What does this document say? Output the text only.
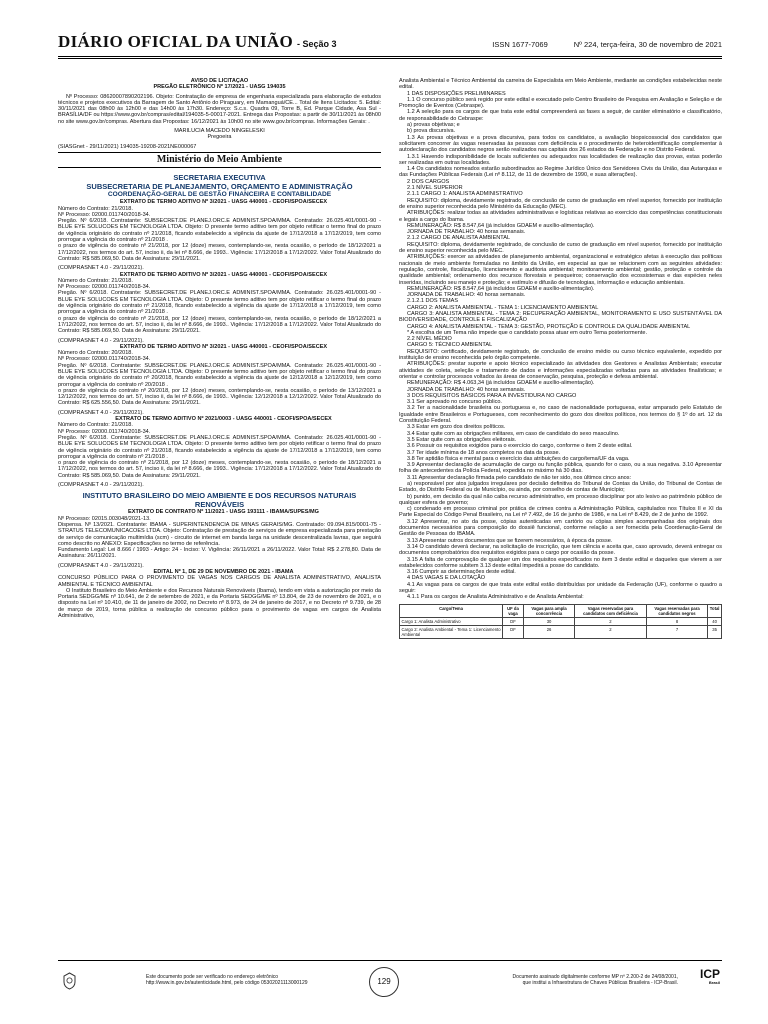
DIÁRIO OFICIAL DA UNIÃO - Seção 3	ISSN 1677-7069	Nº 224, terça-feira, 30 de novembro de 2021

AVISO DE LICITAÇÃO

PREGÃO ELETRÔNICO Nº 17/2021 - UASG 194035

Nº Processo: 08620007890202196. Objeto: Contratação de empresa de engenharia especializada para elaboração de estudos técnicos e projetos executivos da Barragem de Santo Antônio do Piraguary, em Mamanguá/CE... Total de Itens Licitados: 5. Edital: 30/11/2021 das 08h00 às 12h00 e das 14h00 às 17h30. Endereço: S.c.s. Quadra 09, Torre B, Ed. Parque Cidade, Asa Sul - BRASÍLIA/DF ou https://www.gov.br/compras/edital/194035-5-00017-2021. Entrega das Propostas: a partir de 30/11/2021 às 08h00 no site www.gov.br/compras. Abertura das Propostas: 16/12/2021 às 10h00 no site www.gov.br/compras. Informações Gerais: .

MARILUCIA MACEDO NINGELESKI

Pregoeira

(SIASGnet - 29/11/2021) 194035-19208-2021NE000067

Ministério do Meio Ambiente
SECRETARIA EXECUTIVA
SUBSECRETARIA DE PLANEJAMENTO, ORÇAMENTO E ADMINISTRAÇÃO
COORDENAÇÃO-GERAL DE GESTÃO FINANCEIRA E CONTABILIDADE

EXTRATO DE TERMO ADITIVO Nº 3/2021 - UASG 440001 - CEOFI/SPOA/SECEX

Número do Contrato: 21/2018.

Nº Processo: 02000.011740/2018-34.

Pregão. Nº 6/2018. Contratante: SUBSECRET.DE PLANEJ.ORC.E ADMINIST.SPOA/MMA. Contratado: 26.025.401/0001-90 - BLUE EYE SOLUCOES EM TECNOLOGIA LTDA. Objeto: O presente termo aditivo tem por objeto retificar o termo final do prazo de vigência originário do contrato nº 21/2018, ficando estabelecido a vigência da ajuste de 17/12/2018 a 17/12/2019, tem como prorrogar a vigência do contrato nº 21/2018 .

o prazo de vigência do contrato nº 21/2018, por 12 (doze) meses, contemplando-se, nesta ocasião, o período de 18/12/2021 a 17/12/2022, nos termos do art. 57, inciso ii, da lei nº 8.666, de 1993.. Vigência: 17/12/2018 a 17/12/2022. Valor Total Atualizado do Contrato: R$ 585.069,50. Data de Assinatura: 29/11/2021.

(COMPRASNET 4.0 - 29/11/2021).

EXTRATO DE TERMO ADITIVO Nº 3/2021 - UASG 440001 - CEOFI/SPOA/SECEX

Número do Contrato: 21/2018.

Nº Processo: 02000.011740/2018-34.

Pregão. Nº 6/2018. Contratante: SUBSECRET.DE PLANEJ.ORC.E ADMINIST.SPOA/MMA. Contratado: 26.025.401/0001-90 - BLUE EYE SOLUCOES EM TECNOLOGIA LTDA. Objeto: O presente termo aditivo tem por objeto retificar o termo final do prazo de vigência originário do contrato nº 21/2018, ficando estabelecido a vigência da ajuste de 17/12/2018 a 17/12/2019, tem como prorrogar a vigência do contrato nº 21/2018 .

o prazo de vigência do contrato nº 21/2018, por 12 (doze) meses, contemplando-se, nesta ocasião, o período de 18/12/2021 a 17/12/2022, nos termos do art. 57, inciso ii, da lei nº 8.666, de 1993.. Vigência: 17/12/2018 a 17/12/2022. Valor Total Atualizado do Contrato: R$ 585.069,50. Data de Assinatura: 29/11/2021.

(COMPRASNET 4.0 - 29/11/2021).

EXTRATO DE TERMO ADITIVO Nº 3/2021 - UASG 440001 - CEOFI/SPOA/SECEX

Número do Contrato: 20/2018.

Nº Processo: 02000.011740/2018-34.

Pregão. Nº 6/2018. Contratante: SUBSECRET.DE PLANEJ.ORC.E ADMINIST.SPOA/MMA. Contratado: 26.025.401/0001-90 - BLUE EYE SOLUCOES EM TECNOLOGIA LTDA. Objeto: O presente termo aditivo tem por objeto retificar o termo final do prazo de vigência originário do contrato nº 20/2018, ficando estabelecido a vigência da ajuste de 12/12/2018 a 12/12/2019, tem como prorrogar a vigência do contrato nº 20/2018 .

o prazo de vigência do contrato nº 20/2018, por 12 (doze) meses, contemplando-se, nesta ocasião, o período de 13/12/2021 a 12/12/2022, nos termos do art. 57, inciso ii, da lei nº 8.666, de 1993.. Vigência: 12/12/2018 a 12/12/2022. Valor Total Atualizado do Contrato: R$ 625.556,50. Data de Assinatura: 29/11/2021.

(COMPRASNET 4.0 - 29/11/2021).

EXTRATO DE TERMO ADITIVO Nº 2021/0003 - UASG 440001 - CEOFI/SPOA/SECEX

Número do Contrato: 21/2018.

Nº Processo: 02000.011740/2018-34.

Pregão. Nº 6/2018. Contratante: SUBSECRET.DE PLANEJ.ORC.E ADMINIST.SPOA/MMA. Contratado: 26.025.401/0001-90 - BLUE EYE SOLUCOES EM TECNOLOGIA LTDA. Objeto: O presente termo aditivo tem por objeto retificar o termo final do prazo de vigência originário do contrato nº 21/2018, ficando estabelecido a vigência da ajuste de 17/12/2018 a 17/12/2019, tem como prorrogar a vigência do contrato nº 21/2018 .

o prazo de vigência do contrato nº 21/2018, por 12 (doze) meses, contemplando-se, nesta ocasião, o período de 18/12/2021 a 17/12/2022, nos termos do art. 57, inciso ii, da lei nº 8.666, de 1993.. Vigência: 17/12/2018 a 17/12/2022. Valor Total Atualizado do Contrato: R$ 585.069,50. Data de Assinatura: 29/11/2021.

(COMPRASNET 4.0 - 29/11/2021).

INSTITUTO BRASILEIRO DO MEIO AMBIENTE E DOS RECURSOS NATURAIS RENOVÁVEIS

EXTRATO DE CONTRATO Nº 11/2021 - UASG 193111 - IBAMA/SUPES/MG

Nº Processo: 02015.003048/2021-13.

Dispensa. Nº 13/2021. Contratante: IBAMA - SUPERINTENDENCIA DE MINAS GERAIS/MG. Contratado: 09.094.815/0001-75 - STRATUS TELECOMUNICACOES LTDA. Objeto: Contratação de prestação de serviços de empresa especializada para prestação de serviço de comunicação multimídia (scm) - circuito de internet em banda larga na unidade descentralizada lavras, que seguirá como descrito no ANEXO: Especificações no termo de referência.

Fundamento Legal: Lei 8.666 / 1993 - Artigo: 24 - Inciso: V. Vigência: 26/11/2021 a 26/11/2022. Valor Total: R$ 2.278,80. Data de Assinatura: 26/11/2021.

(COMPRASNET 4.0 - 29/11/2021).

EDITAL Nº 1, DE 29 DE NOVEMBRO DE 2021 - IBAMA

CONCURSO PÚBLICO PARA O PROVIMENTO DE VAGAS NOS CARGOS DE ANALISTA ADMINISTRATIVO, ANALISTA AMBIENTAL E TÉCNICO AMBIENTAL

O Instituto Brasileiro do Meio Ambiente e dos Recursos Naturais Renováveis (Ibama), tendo em vista a autorização por meio da Portaria SEDGG/ME nº 10.641, de 2 de setembro de 2021, e da Portaria SEDGG/ME nº 13.804, de 23 de novembro de 2021, e o disposto na Lei nº 10.410, de 11 de janeiro de 2002, no Decreto nº 8.973, de 24 de janeiro de 2017, e no Decreto nº 9.739, de 28 de março de 2019, torna pública a realização de concurso público para o provimento de vagas em cargos de Analista Administrativo,

Analista Ambiental e Técnico Ambiental da carreira de Especialista em Meio Ambiente, mediante as condições estabelecidas neste edital.

1 DAS DISPOSIÇÕES PRELIMINARES

1.1 O concurso público será regido por este edital e executado pelo Centro Brasileiro de Pesquisa em Avaliação e Seleção e de Promoção de Eventos (Cebraspe).

1.2 A seleção para os cargos de que trata este edital compreenderá as fases a seguir, de caráter eliminatório e classificatório, de responsabilidade do Cebraspe:

a) provas objetivas; e

b) prova discursiva.

1.3 As provas objetivas e a prova discursiva, para todos os candidatos, a avaliação biopsicossocial dos candidatos que solicitarem concorrer às vagas reservadas às pessoas com deficiência e o procedimento de heteroidentificação complementar à autodeclaração dos candidatos negros serão realizados nas capitais dos 26 estados da Federação e no Distrito Federal.

1.3.1 Havendo indisponibilidade de locais suficientes ou adequados nas localidades de realização das provas, estas poderão ser realizadas em outras localidades.

1.4 Os candidatos nomeados estarão subordinados ao Regime Jurídico Único dos Servidores Civis da União, das Autarquias e das Fundações Públicas Federais (Lei nº 8.112, de 11 de dezembro de 1990, e suas alterações).

2 DOS CARGOS

2.1 NÍVEL SUPERIOR

2.1.1 CARGO 1: ANALISTA ADMINISTRATIVO

REQUISITO: diploma, devidamente registrado, de conclusão de curso de graduação em nível superior, fornecido por instituição de ensino superior reconhecida pelo Ministério da Educação (MEC).

ATRIBUIÇÕES: realizar todas as atividades administrativas e logísticas relativas ao exercício das competências constitucionais e legais a cargo do Ibama.

REMUNERAÇÃO: R$ 8.547,64 (já incluídos GDAEM e auxílio-alimentação).

JORNADA DE TRABALHO: 40 horas semanais.

2.1.2 CARGO DE ANALISTA AMBIENTAL

REQUISITO: diploma, devidamente registrado, de conclusão de curso de graduação em nível superior, fornecido por instituição de ensino superior reconhecida pelo MEC.

ATRIBUIÇÕES: exercer as atividades de planejamento ambiental, organizacional e estratégico afetas à execução das políticas nacionais de meio ambiente formuladas no âmbito da União, em especial as que se relacionem com as seguintes atividades: regulação, controle, fiscalização, licenciamento e auditoria ambiental; monitoramento ambiental; gestão, proteção e controle da qualidade ambiental; ordenamento dos recursos florestais e pesqueiros; conservação dos ecossistemas e das espécies neles inseridas, incluindo seu manejo e proteção; e estímulo e difusão de tecnologias, informação e educação ambientais.

REMUNERAÇÃO: R$ 8.547,64 (já incluídos GDAEM e auxílio-alimentação).

JORNADA DE TRABALHO: 40 horas semanais.

2.1.2.1 DOS TEMAS

CARGO 2: ANALISTA AMBIENTAL - TEMA 1: LICENCIAMENTO AMBIENTAL

CARGO 3: ANALISTA AMBIENTAL - TEMA 2: RECUPERAÇÃO AMBIENTAL, MONITORAMENTO E USO SUSTENTÁVEL DA BIODIVERSIDADE, CONTROLE E FISCALIZAÇÃO

CARGO 4: ANALISTA AMBIENTAL - TEMA 3: GESTÃO, PROTEÇÃO E CONTROLE DA QUALIDADE AMBIENTAL

* A escolha de um Tema não impede que o candidato possa atuar em outro Tema posteriormente.

2.2 NÍVEL MÉDIO

CARGO 5: TÉCNICO AMBIENTAL

REQUISITO: certificado, devidamente registrado, de conclusão de ensino médio ou curso técnico equivalente, expedido por instituição de ensino reconhecida pelo órgão competente.

ATRIBUIÇÕES: prestar suporte e apoio técnico especializado às atividades dos Gestores e Analistas Ambientais; executar atividades de coleta, seleção e tratamento de dados e informações especializadas voltadas para as atividades finalísticas; e orientar e controlar processos voltados às áreas de conservação, pesquisa, proteção e defesa ambiental.

REMUNERAÇÃO: R$ 4.063,34 (já incluídos GDAEM e auxílio-alimentação).

JORNADA DE TRABALHO: 40 horas semanais.

3 DOS REQUISITOS BÁSICOS PARA A INVESTIDURA NO CARGO

3.1 Ser aprovado no concurso público.

3.2 Ter a nacionalidade brasileira ou portuguesa e, no caso de nacionalidade portuguesa, estar amparado pelo Estatuto de Igualdade entre Brasileiros e Portugueses, com reconhecimento do gozo dos direitos políticos, nos termos do § 1º do art. 12 da Constituição Federal.

3.3 Estar em gozo dos direitos políticos.

3.4 Estar quite com as obrigações militares, em caso de candidato do sexo masculino.

3.5 Estar quite com as obrigações eleitorais.

3.6 Possuir os requisitos exigidos para o exercício do cargo, conforme o item 2 deste edital.

3.7 Ter idade mínima de 18 anos completos na data da posse.

3.8 Ter aptidão física e mental para o exercício das atribuições do cargo/tema/UF da vaga.

3.9 Apresentar declaração de acumulação de cargo ou função pública, quando for o caso, ou a sua negativa. 3.10 Apresentar folha de antecedentes da Polícia Federal, expedida no máximo há 30 dias.

3.11 Apresentar declaração firmada pelo candidato de não ter sido, nos últimos cinco anos:

a) responsável por atos julgados irregulares por decisão definitiva do Tribunal de Contas da União, do Tribunal de Contas de Estado, do Distrito Federal ou de Município, ou ainda, por conselho de contas de Município;

b) punido, em decisão da qual não caiba recurso administrativo, em processo disciplinar por ato lesivo ao patrimônio público de qualquer esfera de governo;

c) condenado em processo criminal por prática de crimes contra a Administração Pública, capitulados nos Títulos II e XI da Parte Especial do Código Penal Brasileiro, na Lei nº 7.492, de 16 de junho de 1986, e na Lei nº 8.429, de 2 de junho de 1992.

3.12 Apresentar, no ato da posse, cópias autenticadas em cartório ou cópias simples acompanhadas dos originais dos documentos necessários para composição do dossiê funcional, conforme relação a ser fornecida pela Coordenação-Geral de Gestão de Pessoas do IBAMA.

3.13 Apresentar outros documentos que se fizerem necessários, à época da posse.

3.14 O candidato deverá declarar, na solicitação de inscrição, que tem ciência e aceita que, caso aprovado, deverá entregar os documentos comprobatórios dos requisitos exigidos para o cargo por ocasião da posse.

3.15 A falta de comprovação de qualquer um dos requisitos especificados no item 3 deste edital e daqueles que vierem a ser estabelecidos conforme subitem 3.13 deste edital impedirá a posse do candidato.

3.16 Cumprir as determinações deste edital.

4 DAS VAGAS E DA LOTAÇÃO

4.1 As vagas para os cargos de que trata este edital estão distribuídas por unidade da Federação (UF), conforme o quadro a seguir:

4.1.1 Para os cargos de Analista Administrativo e de Analista Ambiental:

Cargo/Tema	UF da vaga	Vagas para ampla concorrência	Vagas reservadas para candidatos com deficiência	Vagas reservadas para candidatos negros	Total
Cargo 1: Analista Administrativo	DF	30	2	8	40
Cargo 2: Analista Ambiental - Tema 1: Licenciamento Ambiental	DF	26	2	7	35
Este documento pode ser verificado no endereço eletrônico
http://www.in.gov.br/autenticidade.html, pelo código 05302021113000129	129	Documento assinado digitalmente conforme MP nº 2.200-2 de 24/08/2001,
que institui a Infraestrutura de Chaves Públicas Brasileira - ICP-Brasil.
ICP
Brasil
